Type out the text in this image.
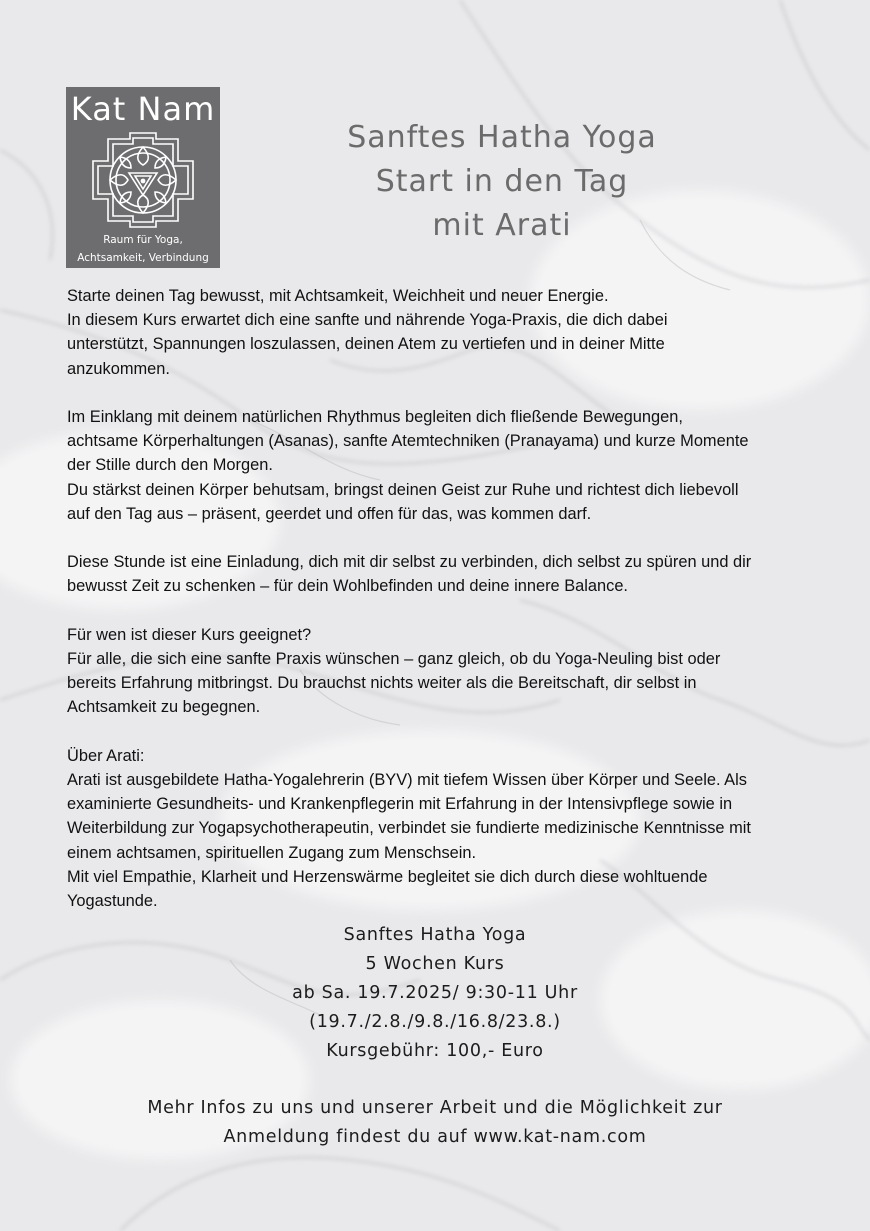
Kat Nam
Raum für Yoga,
Achtsamkeit, Verbindung
Sanftes Hatha Yoga
Start in den Tag
mit Arati

Starte deinen Tag bewusst, mit Achtsamkeit, Weichheit und neuer Energie.
In diesem Kurs erwartet dich eine sanfte und nährende Yoga-Praxis, die dich dabei
unterstützt, Spannungen loszulassen, deinen Atem zu vertiefen und in deiner Mitte
anzukommen.

Im Einklang mit deinem natürlichen Rhythmus begleiten dich fließende Bewegungen,
achtsame Körperhaltungen (Asanas), sanfte Atemtechniken (Pranayama) und kurze Momente
der Stille durch den Morgen.
Du stärkst deinen Körper behutsam, bringst deinen Geist zur Ruhe und richtest dich liebevoll
auf den Tag aus – präsent, geerdet und offen für das, was kommen darf.

Diese Stunde ist eine Einladung, dich mit dir selbst zu verbinden, dich selbst zu spüren und dir
bewusst Zeit zu schenken – für dein Wohlbefinden und deine innere Balance.

Für wen ist dieser Kurs geeignet?
Für alle, die sich eine sanfte Praxis wünschen – ganz gleich, ob du Yoga-Neuling bist oder
bereits Erfahrung mitbringst. Du brauchst nichts weiter als die Bereitschaft, dir selbst in
Achtsamkeit zu begegnen.

Über Arati:
Arati ist ausgebildete Hatha-Yogalehrerin (BYV) mit tiefem Wissen über Körper und Seele. Als
examinierte Gesundheits- und Krankenpflegerin mit Erfahrung in der Intensivpflege sowie in
Weiterbildung zur Yogapsychotherapeutin, verbindet sie fundierte medizinische Kenntnisse mit
einem achtsamen, spirituellen Zugang zum Menschsein.
Mit viel Empathie, Klarheit und Herzenswärme begleitet sie dich durch diese wohltuende
Yogastunde.

Sanftes Hatha Yoga
5 Wochen Kurs
ab Sa. 19.7.2025/ 9:30-11 Uhr
(19.7./2.8./9.8./16.8/23.8.)
Kursgebühr: 100,- Euro
Mehr Infos zu uns und unserer Arbeit und die Möglichkeit zur
Anmeldung findest du auf www.kat-nam.com
